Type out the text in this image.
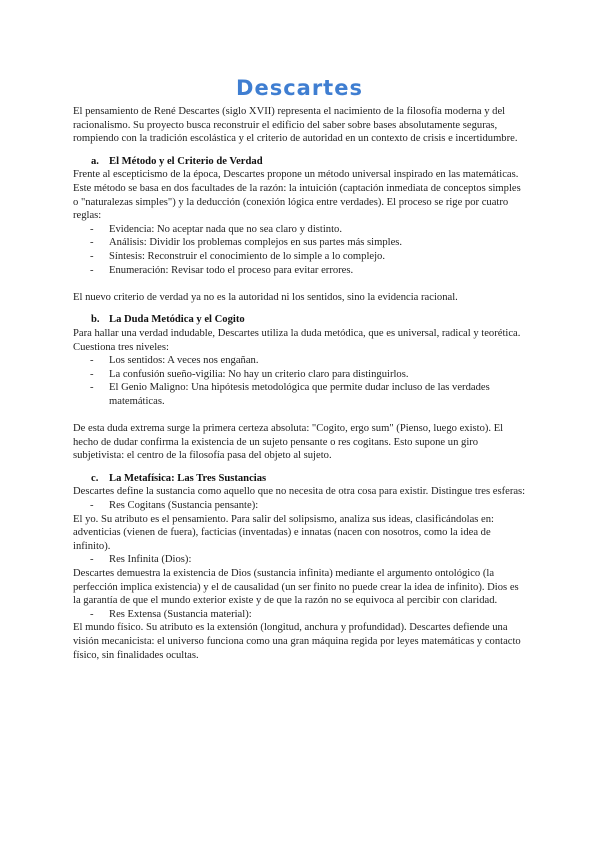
Descartes

El pensamiento de René Descartes (siglo XVII) representa el nacimiento de la filosofía moderna y del racionalismo. Su proyecto busca reconstruir el edificio del saber sobre bases absolutamente seguras, rompiendo con la tradición escolástica y el criterio de autoridad en un contexto de crisis e incertidumbre.

a. El Método y el Criterio de Verdad

Frente al escepticismo de la época, Descartes propone un método universal inspirado en las matemáticas. Este método se basa en dos facultades de la razón: la intuición (captación inmediata de conceptos simples o "naturalezas simples") y la deducción (conexión lógica entre verdades). El proceso se rige por cuatro reglas:

- Evidencia: No aceptar nada que no sea claro y distinto.
- Análisis: Dividir los problemas complejos en sus partes más simples.
- Síntesis: Reconstruir el conocimiento de lo simple a lo complejo.
- Enumeración: Revisar todo el proceso para evitar errores.

El nuevo criterio de verdad ya no es la autoridad ni los sentidos, sino la evidencia racional.

b. La Duda Metódica y el Cogito

Para hallar una verdad indudable, Descartes utiliza la duda metódica, que es universal, radical y teorética. Cuestiona tres niveles:

- Los sentidos: A veces nos engañan.
- La confusión sueño-vigilia: No hay un criterio claro para distinguirlos.
- El Genio Maligno: Una hipótesis metodológica que permite dudar incluso de las verdades matemáticas.

De esta duda extrema surge la primera certeza absoluta: "Cogito, ergo sum" (Pienso, luego existo). El hecho de dudar confirma la existencia de un sujeto pensante o res cogitans. Esto supone un giro subjetivista: el centro de la filosofía pasa del objeto al sujeto.

c. La Metafísica: Las Tres Sustancias

Descartes define la sustancia como aquello que no necesita de otra cosa para existir. Distingue tres esferas:

- Res Cogitans (Sustancia pensante):

El yo. Su atributo es el pensamiento. Para salir del solipsismo, analiza sus ideas, clasificándolas en: adventicias (vienen de fuera), facticias (inventadas) e innatas (nacen con nosotros, como la idea de infinito).

- Res Infinita (Dios):

Descartes demuestra la existencia de Dios (sustancia infinita) mediante el argumento ontológico (la perfección implica existencia) y el de causalidad (un ser finito no puede crear la idea de infinito). Dios es la garantía de que el mundo exterior existe y de que la razón no se equivoca al percibir con claridad.

- Res Extensa (Sustancia material):

El mundo físico. Su atributo es la extensión (longitud, anchura y profundidad). Descartes defiende una visión mecanicista: el universo funciona como una gran máquina regida por leyes matemáticas y contacto físico, sin finalidades ocultas.
